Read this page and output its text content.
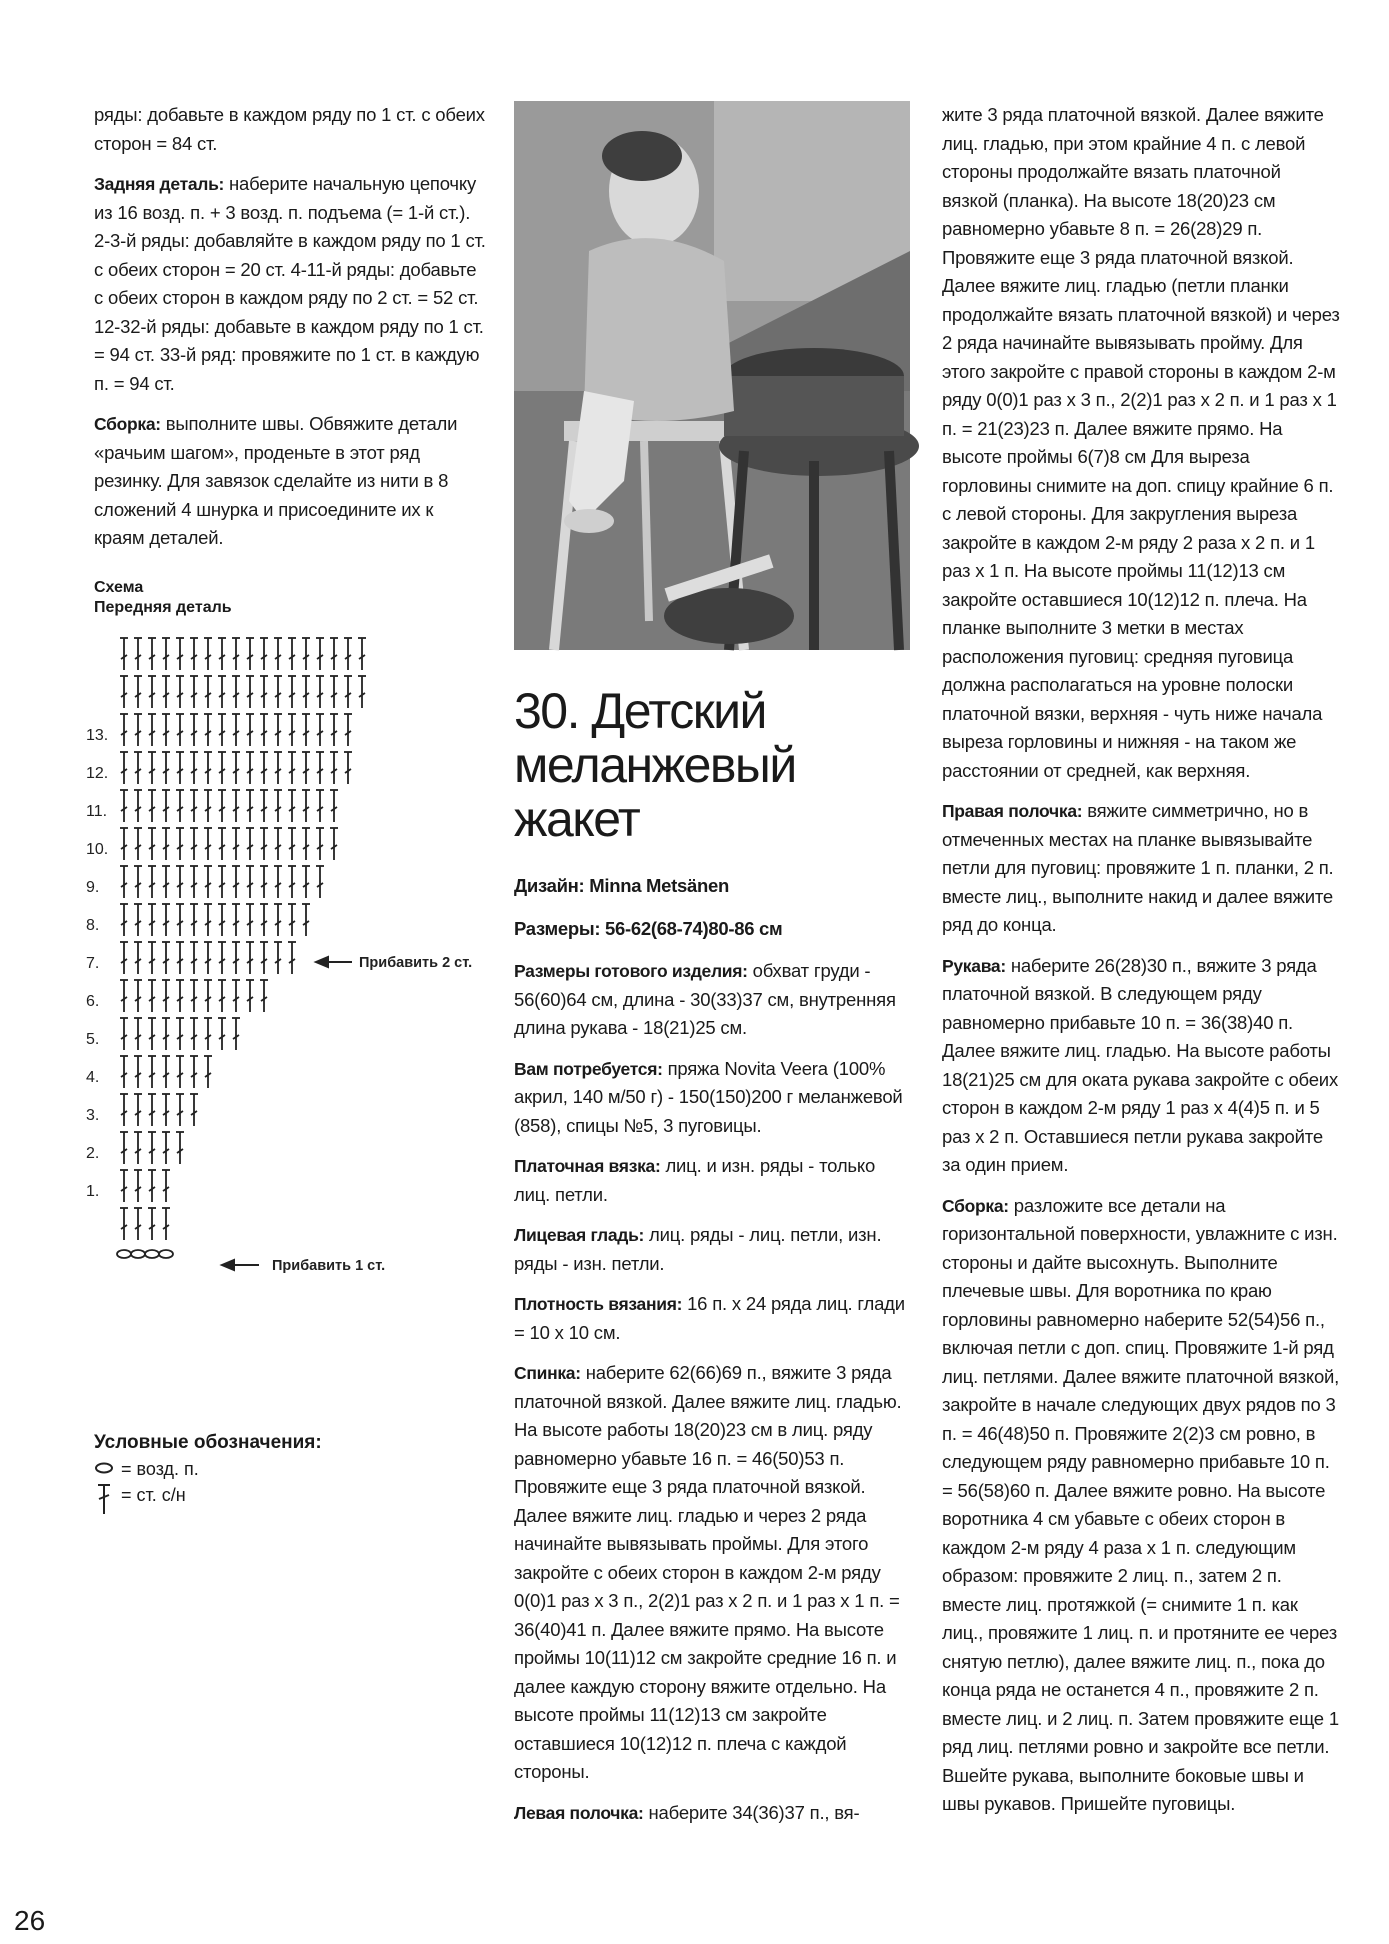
ряды: добавьте в каждом ряду по 1 ст. с обеих сторон = 84 ст.

Задняя деталь: наберите начальную цепочку из 16 возд. п. + 3 возд. п. подъема (= 1-й ст.). 2-3-й ряды: добавляйте в каждом ряду по 1 ст. с обеих сторон = 20 ст. 4-11-й ряды: добавьте с обеих сторон в каждом ряду по 2 ст. = 52 ст. 12-32-й ряды: добавьте в каждом ряду по 1 ст. = 94 ст. 33-й ряд: провяжите по 1 ст. в каждую п. = 94 ст.

Сборка: выполните швы. Обвяжите детали «рачьим шагом», проденьте в этот ряд резинку. Для завязок сделайте из нити в 8 сложений 4 шнурка и присоедините их к краям деталей.

Схема
Передняя деталь
13.
12.
11.
10.
9.
8.
7.
6.
5.
4.
3.
2.
1.
Прибавить 2 ст.
Прибавить 1 ст.
Условные обозначения:
= возд. п.
= ст. с/н
30. Детский
меланжевый
жакет

Дизайн: Minna Metsänen

Размеры: 56-62(68-74)80-86 см

Размеры готового изделия: обхват груди - 56(60)64 см, длина - 30(33)37 см, внутренняя длина рукава - 18(21)25 см.

Вам потребуется: пряжа Novita Veera (100% акрил, 140 м/50 г) - 150(150)200 г меланжевой (858), спицы №5, 3 пуговицы.

Платочная вязка: лиц. и изн. ряды - только лиц. петли.

Лицевая гладь: лиц. ряды - лиц. петли, изн. ряды - изн. петли.

Плотность вязания: 16 п. х 24 ряда лиц. глади = 10 х 10 см.

Спинка: наберите 62(66)69 п., вяжите 3 ряда платочной вязкой. Далее вяжите лиц. гладью. На высоте работы 18(20)23 см в лиц. ряду равномерно убавьте 16 п. = 46(50)53 п. Провяжите еще 3 ряда платочной вязкой. Далее вяжите лиц. гладью и через 2 ряда начинайте вывязывать проймы. Для этого закройте с обеих сторон в каждом 2-м ряду 0(0)1 раз х 3 п., 2(2)1 раз х 2 п. и 1 раз х 1 п. = 36(40)41 п. Далее вяжите прямо. На высоте проймы 10(11)12 см закройте средние 16 п. и далее каждую сторону вяжите отдельно. На высоте проймы 11(12)13 см закройте оставшиеся 10(12)12 п. плеча с каждой стороны.

Левая полочка: наберите 34(36)37 п., вя-

жите 3 ряда платочной вязкой. Далее вяжите лиц. гладью, при этом крайние 4 п. с левой стороны продолжайте вязать платочной вязкой (планка). На высоте 18(20)23 см равномерно убавьте 8 п. = 26(28)29 п. Провяжите еще 3 ряда платочной вязкой. Далее вяжите лиц. гладью (петли планки продолжайте вязать платочной вязкой) и через 2 ряда начинайте вывязывать пройму. Для этого закройте с правой стороны в каждом 2-м ряду 0(0)1 раз х 3 п., 2(2)1 раз х 2 п. и 1 раз х 1 п. = 21(23)23 п. Далее вяжите прямо. На высоте проймы 6(7)8 см Для выреза горловины снимите на доп. спицу крайние 6 п. с левой стороны. Для закругления выреза закройте в каждом 2-м ряду 2 раза х 2 п. и 1 раз х 1 п. На высоте проймы 11(12)13 см закройте оставшиеся 10(12)12 п. плеча. На планке выполните 3 метки в местах расположения пуговиц: средняя пуговица должна располагаться на уровне полоски платочной вязки, верхняя - чуть ниже начала выреза горловины и нижняя - на таком же расстоянии от средней, как верхняя.

Правая полочка: вяжите симметрично, но в отмеченных местах на планке вывязывайте петли для пуговиц: провяжите 1 п. планки, 2 п. вместе лиц., выполните накид и далее вяжите ряд до конца.

Рукава: наберите 26(28)30 п., вяжите 3 ряда платочной вязкой. В следующем ряду равномерно прибавьте 10 п. = 36(38)40 п. Далее вяжите лиц. гладью. На высоте работы 18(21)25 см для оката рукава закройте с обеих сторон в каждом 2-м ряду 1 раз х 4(4)5 п. и 5 раз х 2 п. Оставшиеся петли рукава закройте за один прием.

Сборка: разложите все детали на горизонтальной поверхности, увлажните с изн. стороны и дайте высохнуть. Выполните плечевые швы. Для воротника по краю горловины равномерно наберите 52(54)56 п., включая петли с доп. спиц. Провяжите 1-й ряд лиц. петлями. Далее вяжите платочной вязкой, закройте в начале следующих двух рядов по 3 п. = 46(48)50 п. Провяжите 2(2)3 см ровно, в следующем ряду равномерно прибавьте 10 п. = 56(58)60 п. Далее вяжите ровно. На высоте воротника 4 см убавьте с обеих сторон в каждом 2-м ряду 4 раза х 1 п. следующим образом: провяжите 2 лиц. п., затем 2 п. вместе лиц. протяжкой (= снимите 1 п. как лиц., провяжите 1 лиц. п. и протяните ее через снятую петлю), далее вяжите лиц. п., пока до конца ряда не останется 4 п., провяжите 2 п. вместе лиц. и 2 лиц. п. Затем провяжите еще 1 ряд лиц. петлями ровно и закройте все петли. Вшейте рукава, выполните боковые швы и швы рукавов. Пришейте пуговицы.

26
